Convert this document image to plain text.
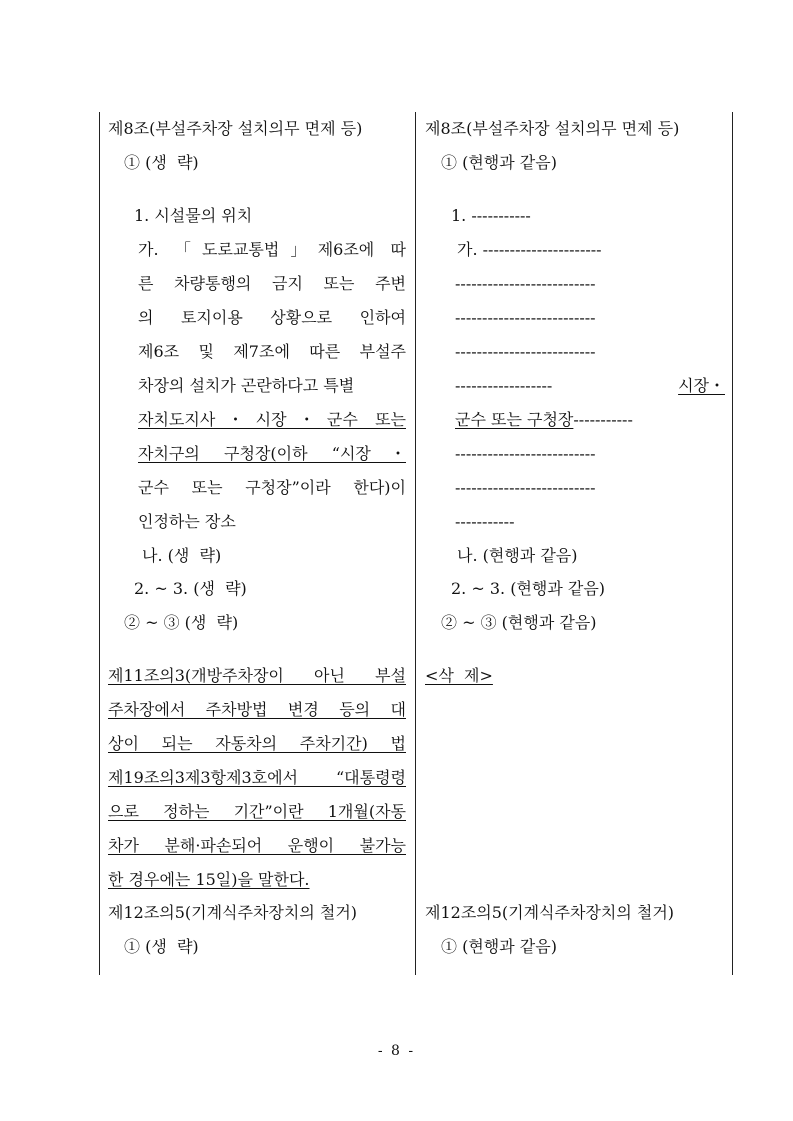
제8조(부설주차장 설치의무 면제 등)
① (생  략)
1. 시설물의 위치
가. 「도로교통법」제6조에 따
른 차량통행의 금지 또는 주변
의 토지이용 상황으로 인하여
제6조 및 제7조에 따른 부설주
차장의 설치가 곤란하다고 특별
자치도지사・시장・군수 또는
자치구의 구청장(이하 “시장・
군수 또는 구청장”이라 한다)이
인정하는 장소
나. (생  략)
2. ~ 3. (생  략)
② ~ ③ (생  략)
제11조의3(개방주차장이 아닌 부설
주차장에서 주차방법 변경 등의 대
상이 되는 자동차의 주차기간) 법
제19조의3제3항제3호에서 “대통령령
으로 정하는 기간”이란 1개월(자동
차가 분해·파손되어 운행이 불가능
한 경우에는 15일)을 말한다.
제12조의5(기계식주차장치의 철거)
① (생  략)
제8조(부설주차장 설치의무 면제 등)
① (현행과 같음)
1. -----------
가. ----------------------
--------------------------
--------------------------
--------------------------
------------------	시장・
군수 또는 구청장-----------
--------------------------
--------------------------
-----------
나. (현행과 같음)
2. ~ 3. (현행과 같음)
② ~ ③ (현행과 같음)
<삭  제>
제12조의5(기계식주차장치의 철거)
① (현행과 같음)
- 8 -
